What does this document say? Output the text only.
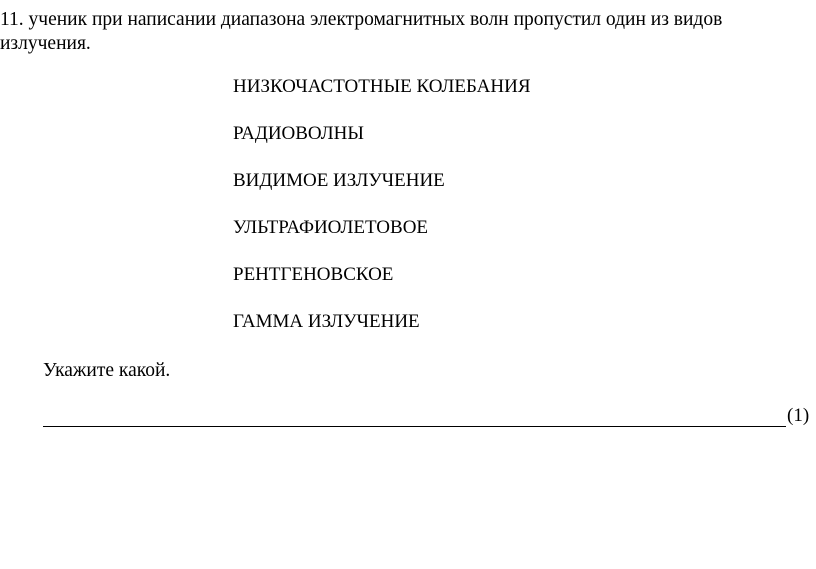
11. ученик при написании диапазона электромагнитных волн пропустил один из видов излучения.

НИЗКОЧАСТОТНЫЕ КОЛЕБАНИЯ
РАДИОВОЛНЫ
ВИДИМОЕ ИЗЛУЧЕНИЕ
УЛЬТРАФИОЛЕТОВОЕ
РЕНТГЕНОВСКОЕ
ГАММА ИЗЛУЧЕНИЕ

Укажите какой.

(1)
